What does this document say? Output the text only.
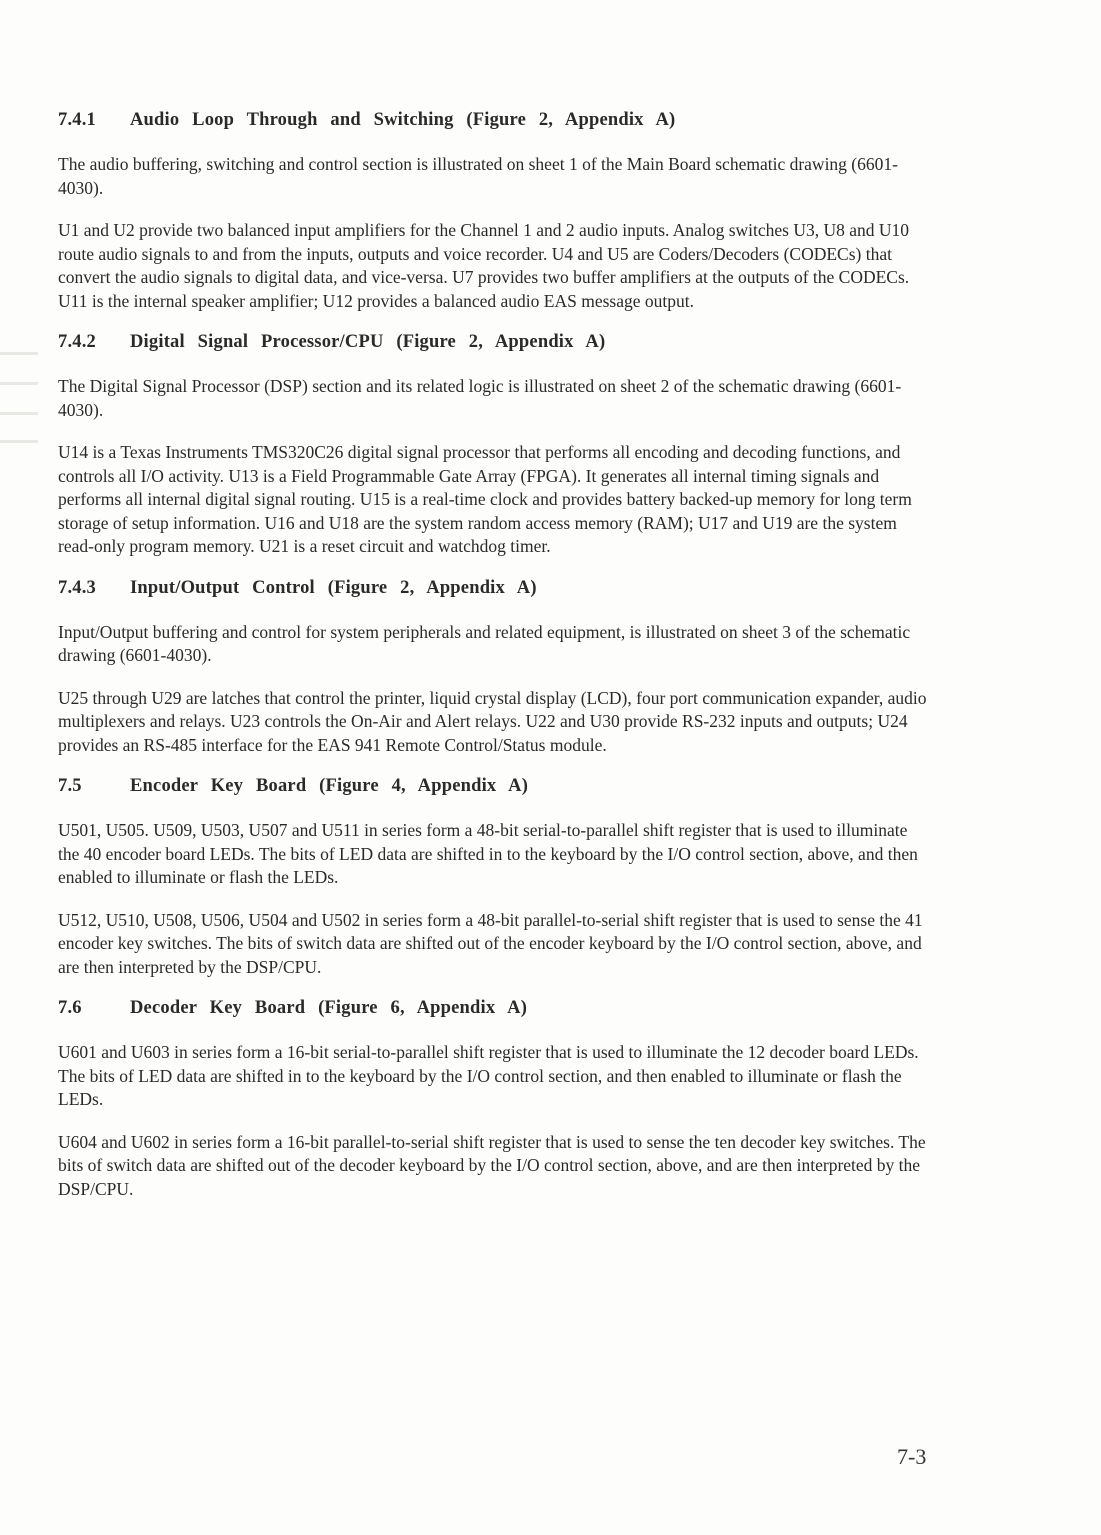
7.4.1 Audio Loop Through and Switching (Figure 2, Appendix A)

The audio buffering, switching and control section is illustrated on sheet 1 of the Main Board schematic drawing (6601-4030).

U1 and U2 provide two balanced input amplifiers for the Channel 1 and 2 audio inputs. Analog switches U3, U8 and U10 route audio signals to and from the inputs, outputs and voice recorder. U4 and U5 are Coders/Decoders (CODECs) that convert the audio signals to digital data, and vice-versa. U7 provides two buffer amplifiers at the outputs of the CODECs. U11 is the internal speaker amplifier; U12 provides a balanced audio EAS message output.

7.4.2 Digital Signal Processor/CPU (Figure 2, Appendix A)

The Digital Signal Processor (DSP) section and its related logic is illustrated on sheet 2 of the schematic drawing (6601-4030).

U14 is a Texas Instruments TMS320C26 digital signal processor that performs all encoding and decoding functions, and controls all I/O activity. U13 is a Field Programmable Gate Array (FPGA). It generates all internal timing signals and performs all internal digital signal routing. U15 is a real-time clock and provides battery backed-up memory for long term storage of setup information. U16 and U18 are the system random access memory (RAM); U17 and U19 are the system read-only program memory. U21 is a reset circuit and watchdog timer.

7.4.3 Input/Output Control (Figure 2, Appendix A)

Input/Output buffering and control for system peripherals and related equipment, is illustrated on sheet 3 of the schematic drawing (6601-4030).

U25 through U29 are latches that control the printer, liquid crystal display (LCD), four port communication expander, audio multiplexers and relays. U23 controls the On-Air and Alert relays. U22 and U30 provide RS-232 inputs and outputs; U24 provides an RS-485 interface for the EAS 941 Remote Control/Status module.

7.5	Encoder Key Board (Figure 4, Appendix A)

U501, U505. U509, U503, U507 and U511 in series form a 48-bit serial-to-parallel shift register that is used to illuminate the 40 encoder board LEDs. The bits of LED data are shifted in to the keyboard by the I/O control section, above, and then enabled to illuminate or flash the LEDs.

U512, U510, U508, U506, U504 and U502 in series form a 48-bit parallel-to-serial shift register that is used to sense the 41 encoder key switches. The bits of switch data are shifted out of the encoder keyboard by the I/O control section, above, and are then interpreted by the DSP/CPU.

7.6	Decoder Key Board (Figure 6, Appendix A)

U601 and U603 in series form a 16-bit serial-to-parallel shift register that is used to illuminate the 12 decoder board LEDs. The bits of LED data are shifted in to the keyboard by the I/O control section, and then enabled to illuminate or flash the LEDs.

U604 and U602 in series form a 16-bit parallel-to-serial shift register that is used to sense the ten decoder key switches. The bits of switch data are shifted out of the decoder keyboard by the I/O control section, above, and are then interpreted by the DSP/CPU.

7-3
